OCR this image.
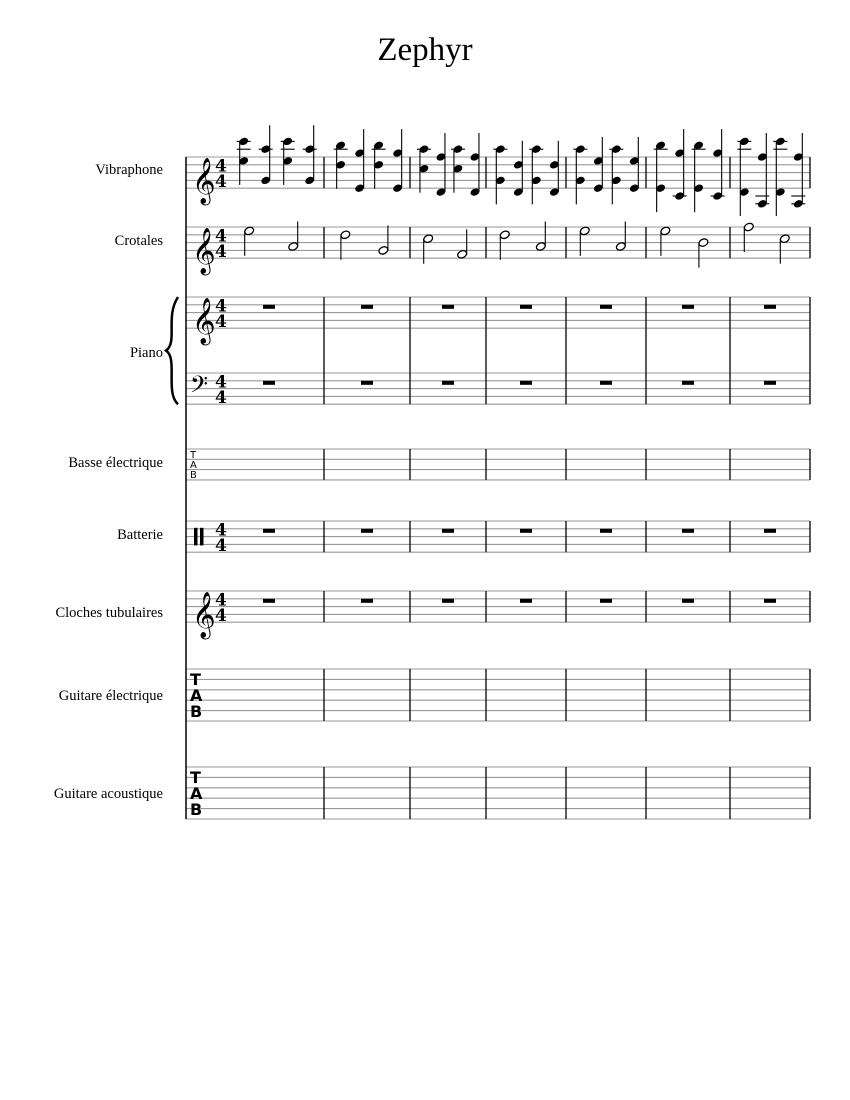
Zephyr
Vibraphone
Crotales
Piano
Basse électrique
Batterie
Cloches tubulaires
Guitare électrique
Guitare acoustique
𝄞 4
4
𝄞 4
4
𝄞 4
4
𝄢 4
4
T
A
B
4
4
𝄞 4
4
T
A
B
T
A
B
